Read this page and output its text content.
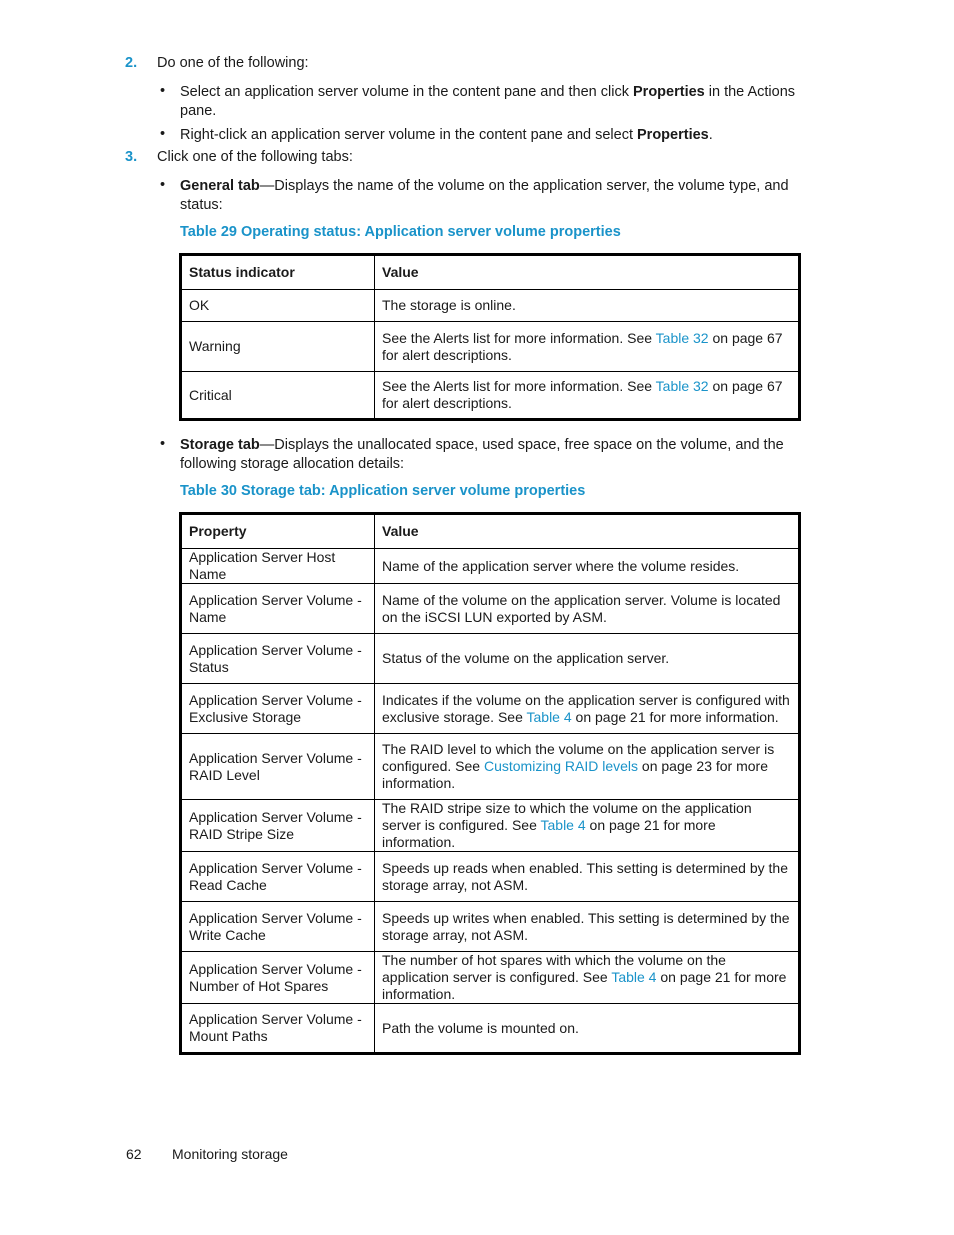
2. Do one of the following:
• Select an application server volume in the content pane and then click Properties in the Actions pane.
• Right-click an application server volume in the content pane and select Properties.
3. Click one of the following tabs:
• General tab—Displays the name of the volume on the application server, the volume type, and status:
Table 29 Operating status: Application server volume properties
Status indicator	Value
OK	The storage is online.
Warning	See the Alerts list for more information. See Table 32 on page 67 for alert descriptions.
Critical	See the Alerts list for more information. See Table 32 on page 67 for alert descriptions.
• Storage tab—Displays the unallocated space, used space, free space on the volume, and the following storage allocation details:
Table 30 Storage tab: Application server volume properties
Property	Value
Application Server Host Name	Name of the application server where the volume resides.
Application Server Volume - Name	Name of the volume on the application server. Volume is located on the iSCSI LUN exported by ASM.
Application Server Volume - Status	Status of the volume on the application server.
Application Server Volume - Exclusive Storage	Indicates if the volume on the application server is configured with exclusive storage. See Table 4 on page 21 for more information.
Application Server Volume - RAID Level	The RAID level to which the volume on the application server is configured. See Customizing RAID levels on page 23 for more information.
Application Server Volume - RAID Stripe Size	The RAID stripe size to which the volume on the application server is configured. See Table 4 on page 21 for more information.
Application Server Volume - Read Cache	Speeds up reads when enabled. This setting is determined by the storage array, not ASM.
Application Server Volume - Write Cache	Speeds up writes when enabled. This setting is determined by the storage array, not ASM.
Application Server Volume - Number of Hot Spares	The number of hot spares with which the volume on the application server is configured. See Table 4 on page 21 for more information.
Application Server Volume - Mount Paths	Path the volume is mounted on.
62 Monitoring storage
